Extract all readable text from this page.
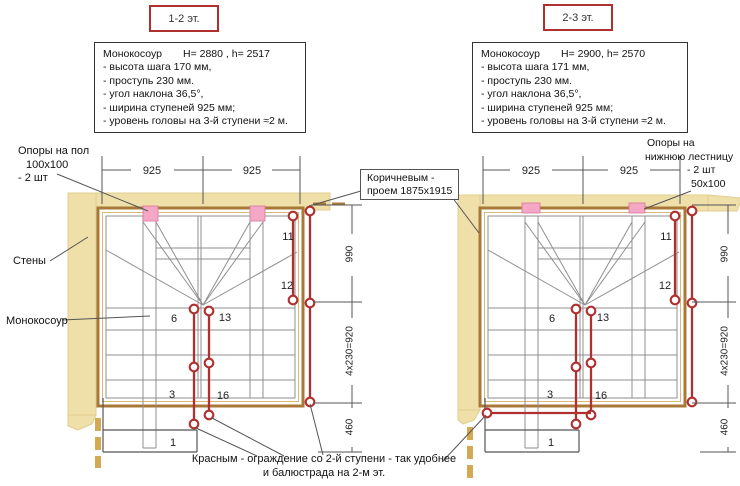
925	925
990
4x230=920
460
6	13
3	16
11
12
1
925	925
990
4x230=920
460
6	13
3	16
11
12
1
1-2 эт.	2-3 эт.
Монокосоур H= 2880 , h= 2517
- высота шага 170 мм,
- проступь 230 мм.
- угол наклона 36,5°,
- ширина ступеней 925 мм;
- уровень головы на 3-й ступени ≈2 м.
Монокосоур H= 2900, h= 2570
- высота шага 171 мм,
- проступь 230 мм.
- угол наклона 36,5°,
- ширина ступеней 925 мм;
- уровень головы на 3-й ступени ≈2 м.
Опоры на пол
100х100
- 2 шт
Стены
Монокосоур
Коричневым -
проем 1875х1915
Опоры на
нижнюю лестницу
- 2 шт
50x100
Красным - ограждение со 2-й ступени - так удобнее
и балюстрада на 2-м эт.
